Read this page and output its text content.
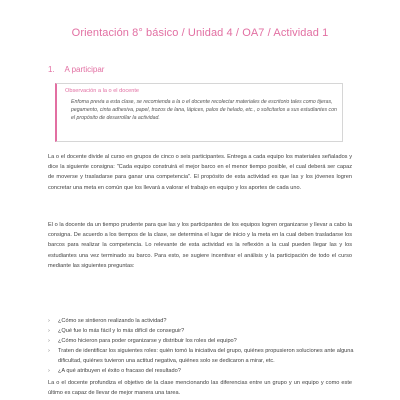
Orientación 8° básico / Unidad 4 / OA7 / Actividad 1
1. A participar
Observación a la o el docente
Enfoma previa a esta clase, se recomienda a la o el docente recolectar materiales de escritorio tales como tijeras, pegamento, cinta adhesiva, papel, trozos de lana, lápices, palos de helado, etc., o solicitarlos a sus estudiantes con el propósito de desarrollar la actividad.
La o el docente divide al curso en grupos de cinco o seis participantes. Entrega a cada equipo los materiales señalados y dice la siguiente consigna: "Cada equipo construirá el mejor barco en el menor tiempo posible, el cual deberá ser capaz de moverse y trasladarse para ganar una competencia". El propósito de esta actividad es que las y los jóvenes logren concretar una meta en común que los llevará a valorar el trabajo en equipo y los aportes de cada uno.
El o la docente da un tiempo prudente para que las y los participantes de los equipos logren organizarse y llevar a cabo la consigna. De acuerdo a los tiempos de la clase, se determina el lugar de inicio y la meta en la cual deben trasladarse los barcos para realizar la competencia. Lo relevante de esta actividad es la reflexión a la cual pueden llegar las y los estudiantes una vez terminado su barco. Para esto, se sugiere incentivar el análisis y la participación de todo el curso mediante las siguientes preguntas:
› ¿Cómo se sintieron realizando la actividad?
› ¿Qué fue lo más fácil y lo más difícil de conseguir?
› ¿Cómo hicieron para poder organizarse y distribuir los roles del equipo?
› Traten de identificar los siguientes roles: quién tomó la iniciativa del grupo, quiénes propusieron soluciones ante alguna dificultad, quiénes tuvieron una actitud negativa, quiénes solo se dedicaron a mirar, etc.
› ¿A qué atribuyen el éxito o fracaso del resultado?
La o el docente profundiza el objetivo de la clase mencionando las diferencias entre un grupo y un equipo y como este último es capaz de llevar de mejor manera una tarea.
